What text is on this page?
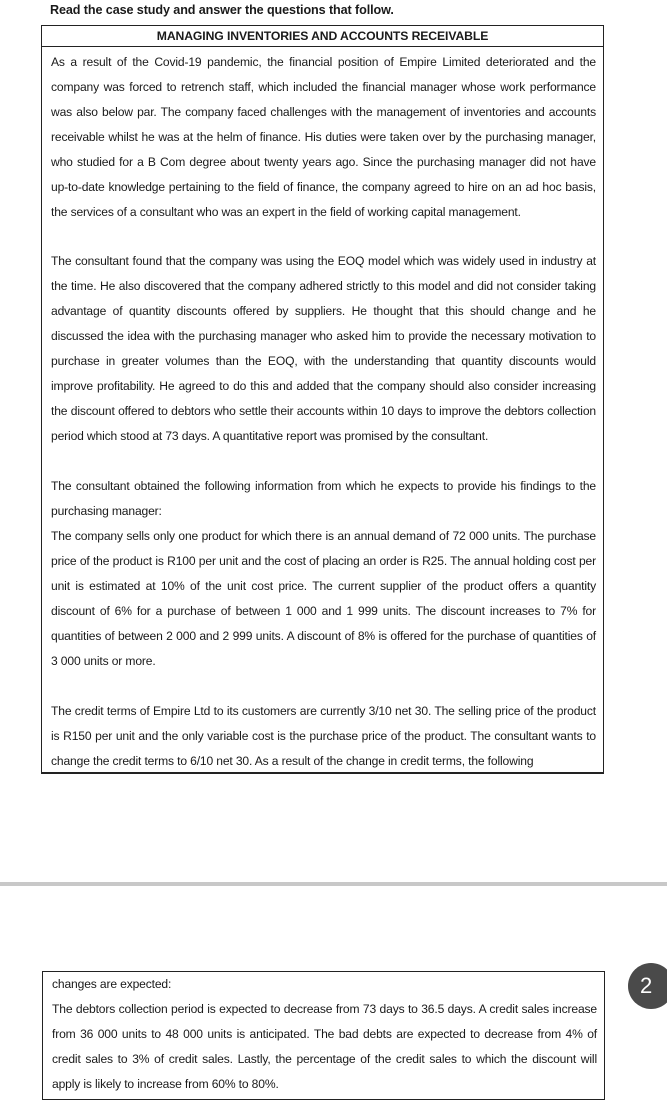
Read the case study and answer the questions that follow.
MANAGING INVENTORIES AND ACCOUNTS RECEIVABLE

As a result of the Covid-19 pandemic, the financial position of Empire Limited deteriorated and the company was forced to retrench staff, which included the financial manager whose work performance was also below par. The company faced challenges with the management of inventories and accounts receivable whilst he was at the helm of finance. His duties were taken over by the purchasing manager, who studied for a B Com degree about twenty years ago. Since the purchasing manager did not have up-to-date knowledge pertaining to the field of finance, the company agreed to hire on an ad hoc basis, the services of a consultant who was an expert in the field of working capital management.

The consultant found that the company was using the EOQ model which was widely used in industry at the time. He also discovered that the company adhered strictly to this model and did not consider taking advantage of quantity discounts offered by suppliers. He thought that this should change and he discussed the idea with the purchasing manager who asked him to provide the necessary motivation to purchase in greater volumes than the EOQ, with the understanding that quantity discounts would improve profitability. He agreed to do this and added that the company should also consider increasing the discount offered to debtors who settle their accounts within 10 days to improve the debtors collection period which stood at 73 days. A quantitative report was promised by the consultant.

The consultant obtained the following information from which he expects to provide his findings to the purchasing manager:
The company sells only one product for which there is an annual demand of 72 000 units. The purchase price of the product is R100 per unit and the cost of placing an order is R25. The annual holding cost per unit is estimated at 10% of the unit cost price. The current supplier of the product offers a quantity discount of 6% for a purchase of between 1 000 and 1 999 units. The discount increases to 7% for quantities of between 2 000 and 2 999 units. A discount of 8% is offered for the purchase of quantities of 3 000 units or more.

The credit terms of Empire Ltd to its customers are currently 3/10 net 30. The selling price of the product is R150 per unit and the only variable cost is the purchase price of the product. The consultant wants to change the credit terms to 6/10 net 30. As a result of the change in credit terms, the following

2
changes are expected:
The debtors collection period is expected to decrease from 73 days to 36.5 days. A credit sales increase from 36 000 units to 48 000 units is anticipated. The bad debts are expected to decrease from 4% of credit sales to 3% of credit sales. Lastly, the percentage of the credit sales to which the discount will apply is likely to increase from 60% to 80%.
